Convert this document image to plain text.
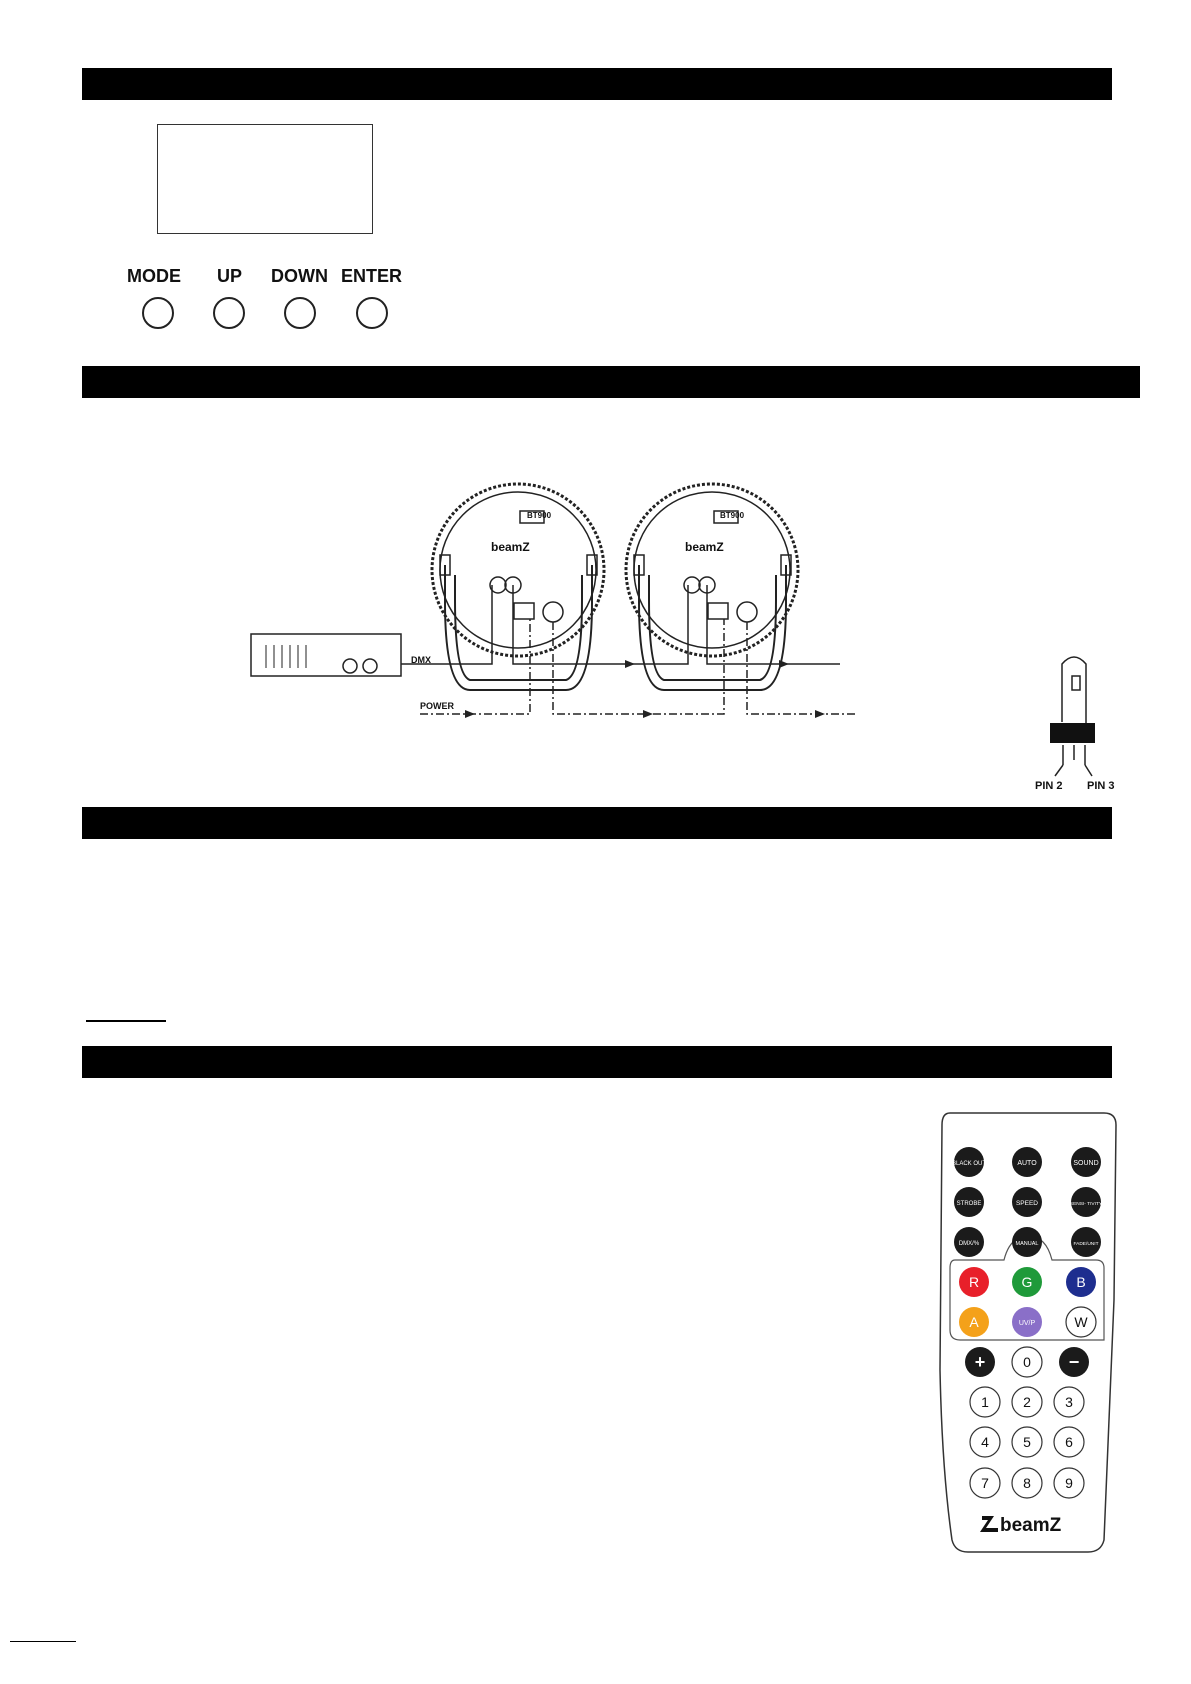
MODE UP DOWN ENTER
DMX
POWER
BT900	BT900
beamZ	beamZ
PIN 2 PIN 3
BLACK OUT	AUTO	SOUND
STROBE	SPEED	SENSI- TIVITY
DMX/%	MANUAL	FADE/UNIT
R	G	B
A	UV/P	W
+	0 −
1 2 3
4 5 6
7 8 9
beamZ
